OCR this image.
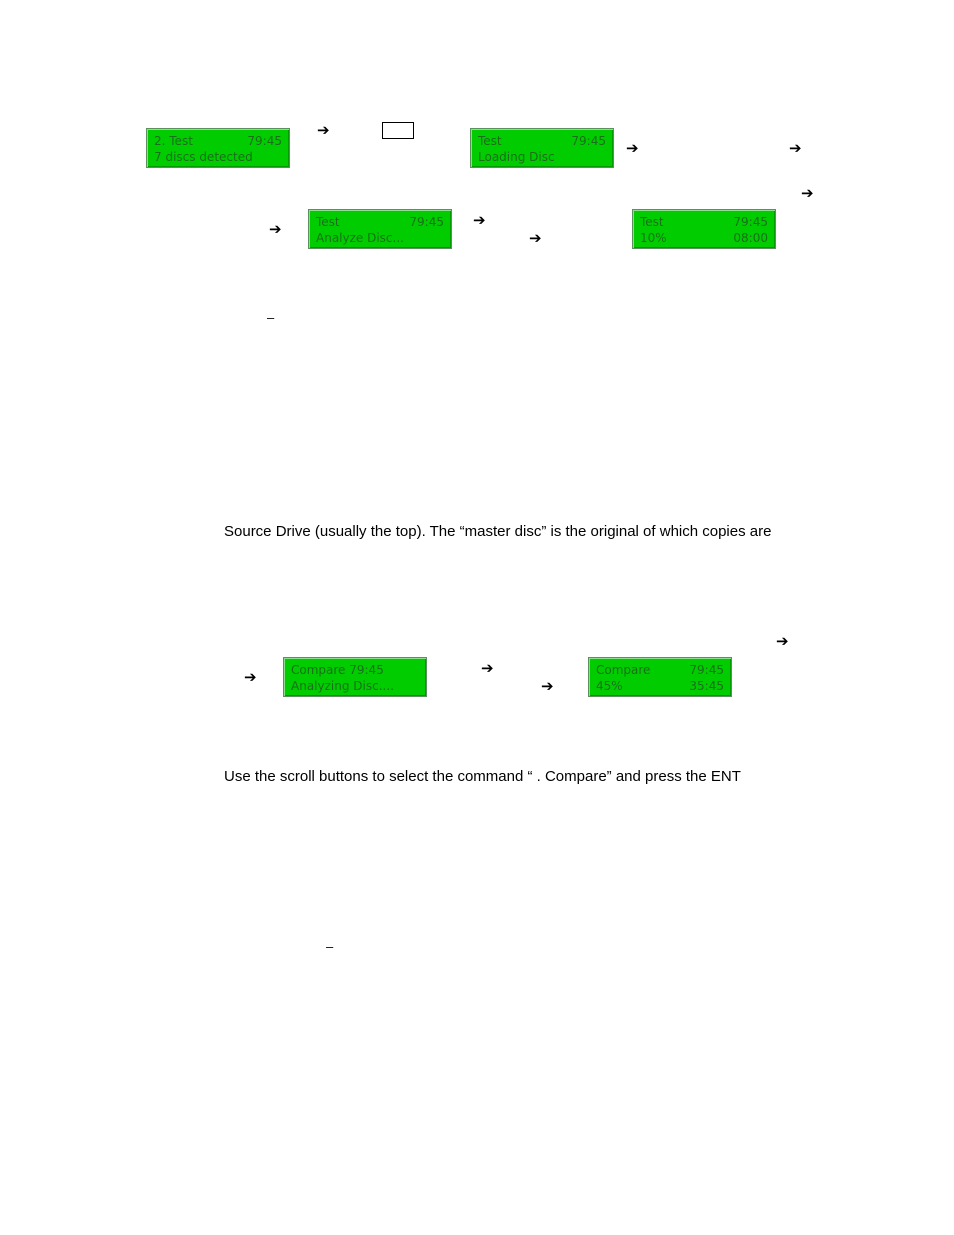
2. Test	79:45
7 discs detected
➔
Test	79:45
Loading Disc	➔	➔
➔
➔	Test	79:45
Analyze Disc...
➔
➔
Test	79:45
10%	08:00
–
Source Drive (usually the top). The “master disc” is the original of which copies are
➔
➔	Compare 79:45
Analyzing Disc....
➔
➔
Compare	79:45
45%	35:45
Use the scroll buttons to select the command “ . Compare” and press the ENT
–
